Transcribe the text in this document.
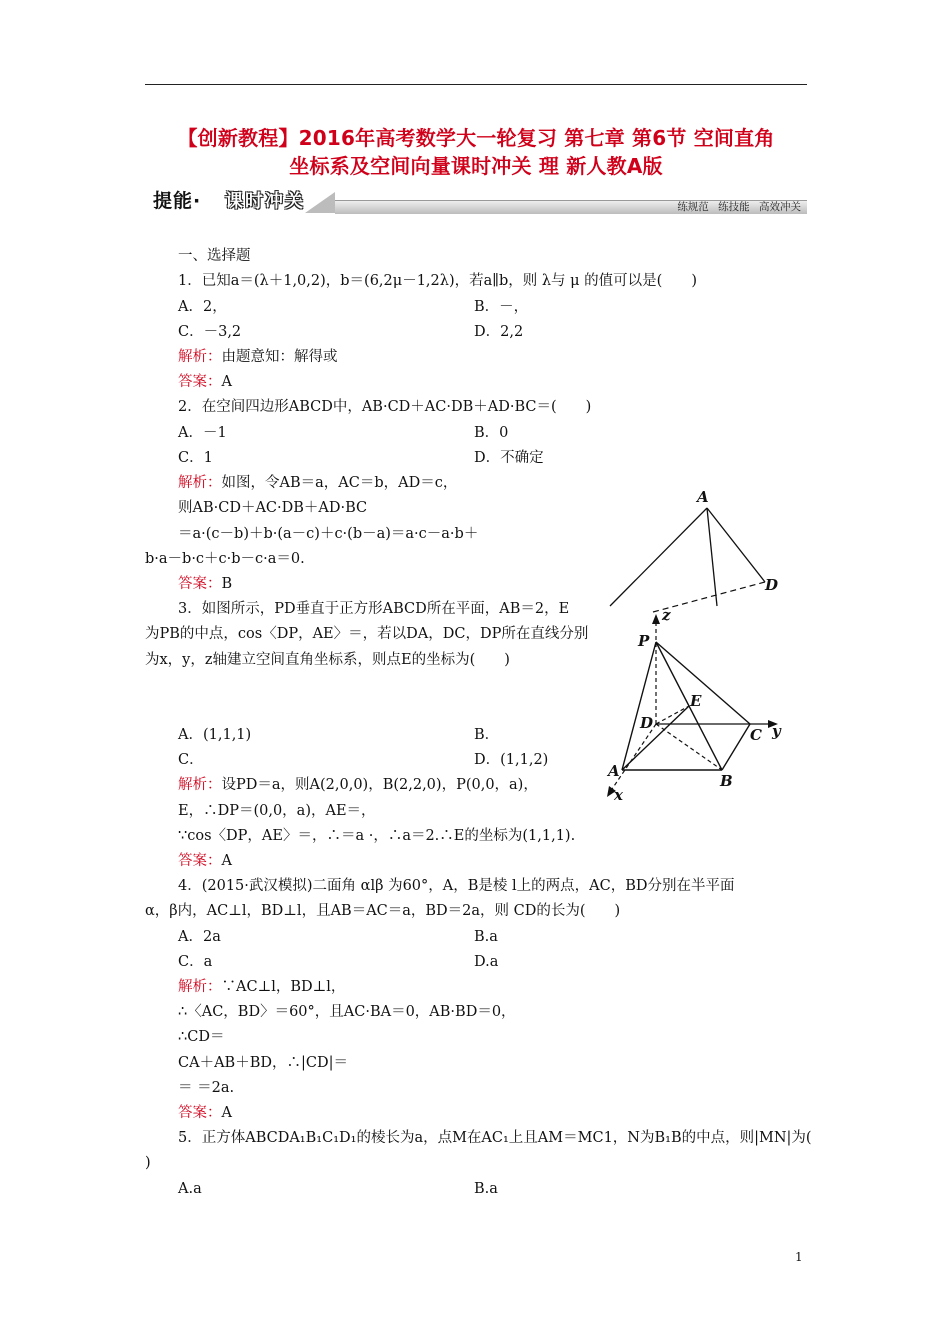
【创新教程】2016年高考数学大一轮复习 第七章 第6节 空间直角
坐标系及空间向量课时冲关 理 新人教A版
练规范 练技能 高效冲关
提能· 课时冲关
一、选择题
1．已知a＝(λ＋1,0,2)，b＝(6,2μ－1,2λ)，若a∥b，则 λ与 μ 的值可以是(　　)
A．2，	B．－，
C．－3,2	D．2,2
解析：由题意知：解得或
答案：A
2．在空间四边形ABCD中，AB·CD＋AC·DB＋AD·BC＝(　　)
A．－1	B．0
C．1	D．不确定
解析：如图，令AB＝a，AC＝b，AD＝c，
则AB·CD＋AC·DB＋AD·BC
＝a·(c－b)＋b·(a－c)＋c·(b－a)＝a·c－a·b＋
b·a－b·c＋c·b－c·a＝0.
答案：B
3．如图所示，PD垂直于正方形ABCD所在平面，AB＝2，E
为PB的中点，cos〈DP，AE〉＝，若以DA，DC，DP所在直线分别
为x，y，z轴建立空间直角坐标系，则点E的坐标为(　　)
A．(1,1,1)	B．
C．	D．(1,1,2)
解析：设PD＝a，则A(2,0,0)，B(2,2,0)，P(0,0，a)，
E，∴DP＝(0,0，a)，AE＝，
∵cos〈DP，AE〉＝，∴＝a ·，∴a＝2.∴E的坐标为(1,1,1).
答案：A
4．(2015·武汉模拟)二面角 αlβ 为60°，A，B是棱 l上的两点，AC，BD分别在半平面
α，β内，AC⊥l，BD⊥l，且AB＝AC＝a，BD＝2a，则 CD的长为(　　)
A．2a	B.a
C．a	D.a
解析：∵AC⊥l，BD⊥l，
∴〈AC，BD〉＝60°，且AC·BA＝0，AB·BD＝0，
∴CD＝
CA＋AB＋BD，∴|CD|＝
＝ ＝2a.
答案：A
5．正方体ABCDA₁B₁C₁D₁的棱长为a，点M在AC₁上且AM＝MC1，N为B₁B的中点，则|MN|为(
)
A.a	B.a
A
D
z
P
E
D
C y
A
B
x
1
